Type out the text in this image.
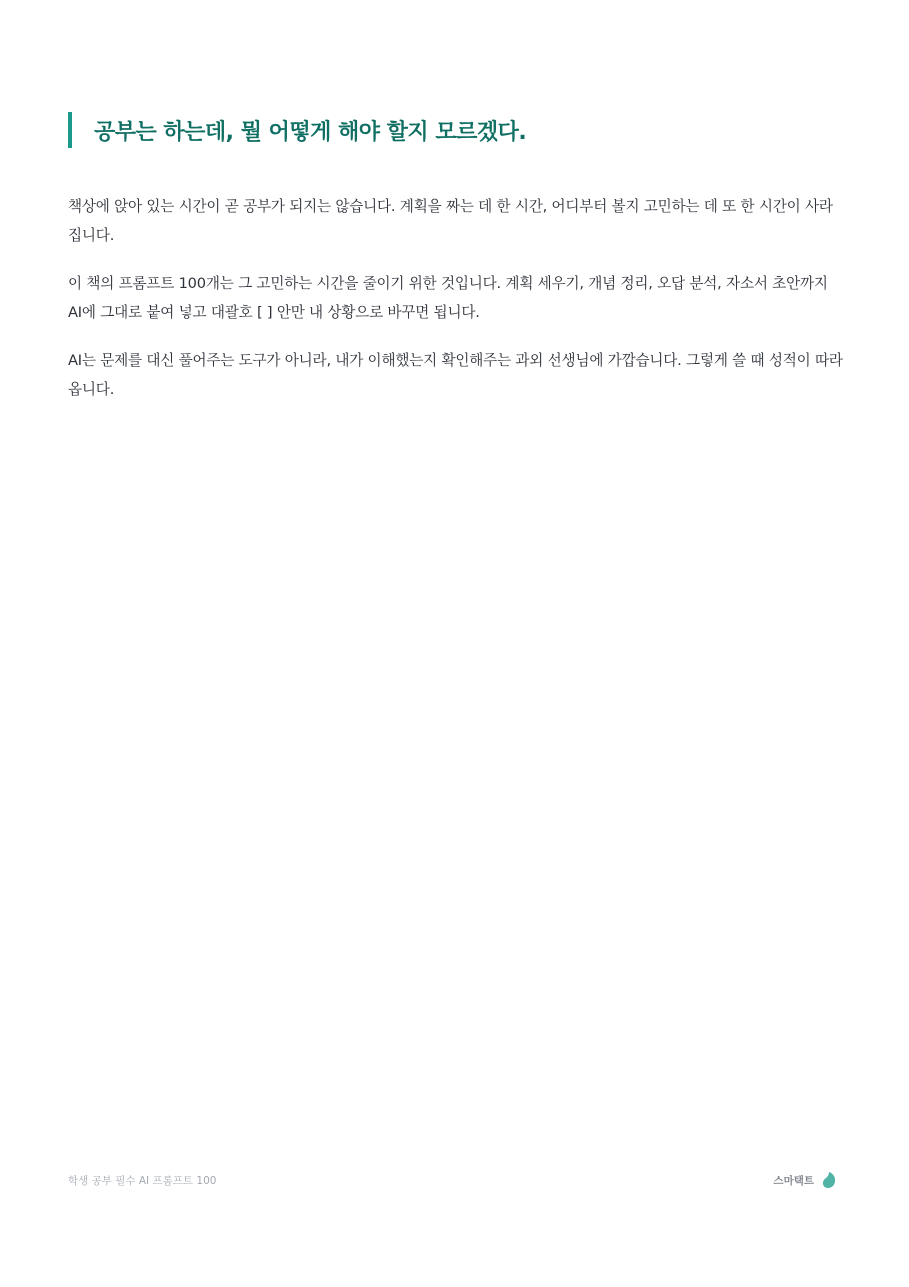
공부는 하는데, 뭘 어떻게 해야 할지 모르겠다.

책상에 앉아 있는 시간이 곧 공부가 되지는 않습니다. 계획을 짜는 데 한 시간, 어디부터 볼지 고민하는 데 또 한 시간이 사라집니다.

이 책의 프롬프트 100개는 그 고민하는 시간을 줄이기 위한 것입니다. 계획 세우기, 개념 정리, 오답 분석, 자소서 초안까지 AI에 그대로 붙여 넣고 대괄호 [ ] 안만 내 상황으로 바꾸면 됩니다.

AI는 문제를 대신 풀어주는 도구가 아니라, 내가 이해했는지 확인해주는 과외 선생님에 가깝습니다. 그렇게 쓸 때 성적이 따라옵니다.

학생 공부 필수 AI 프롬프트 100	스마택트
